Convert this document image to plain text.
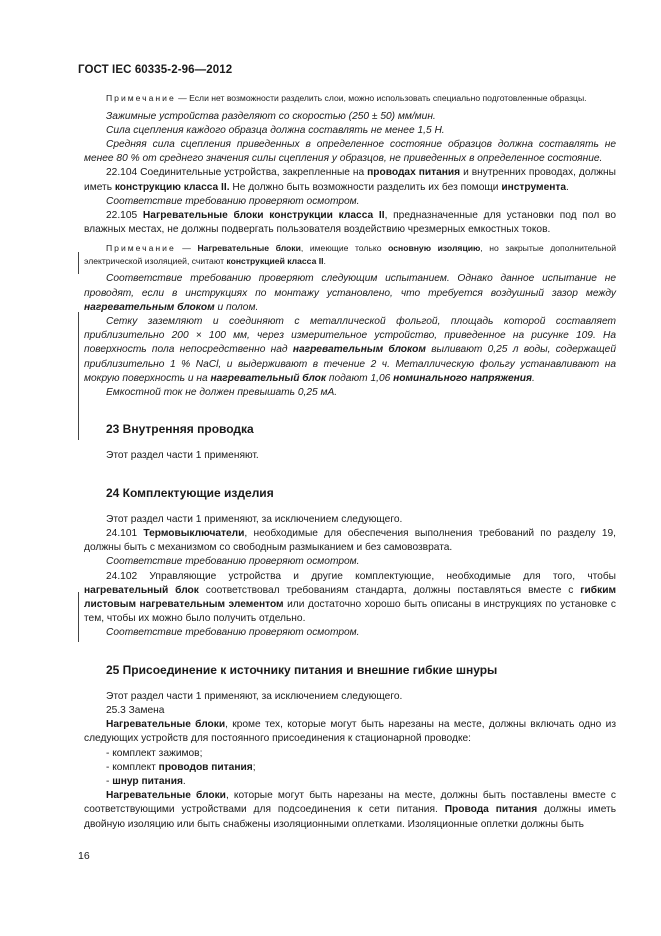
ГОСТ IEC 60335-2-96—2012

Примечание — Если нет возможности разделить слои, можно использовать специально подготовленные образцы.

Зажимные устройства разделяют со скоростью (250 ± 50) мм/мин.

Сила сцепления каждого образца должна составлять не менее 1,5 Н.

Средняя сила сцепления приведенных в определенное состояние образцов должна составлять не менее 80 % от среднего значения силы сцепления у образцов, не приведенных в определенное состояние.

22.104 Соединительные устройства, закрепленные на проводах питания и внутренних проводах, должны иметь конструкцию класса II. Не должно быть возможности разделить их без помощи инструмента.

Соответствие требованию проверяют осмотром.

22.105 Нагревательные блоки конструкции класса II, предназначенные для установки под пол во влажных местах, не должны подвергать пользователя воздействию чрезмерных емкостных токов.

Примечание — Нагревательные блоки, имеющие только основную изоляцию, но закрытые дополнительной электрической изоляцией, считают конструкцией класса II.

Соответствие требованию проверяют следующим испытанием. Однако данное испытание не проводят, если в инструкциях по монтажу установлено, что требуется воздушный зазор между нагревательным блоком и полом.

Сетку заземляют и соединяют с металлической фольгой, площадь которой составляет приблизительно 200 × 100 мм, через измерительное устройство, приведенное на рисунке 109. На поверхность пола непосредственно над нагревательным блоком выливают 0,25 л воды, содержащей приблизительно 1 % NaCl, и выдерживают в течение 2 ч. Металлическую фольгу устанавливают на мокрую поверхность и на нагревательный блок подают 1,06 номинального напряжения.

Емкостной ток не должен превышать 0,25 мА.

23 Внутренняя проводка

Этот раздел части 1 применяют.

24 Комплектующие изделия

Этот раздел части 1 применяют, за исключением следующего.

24.101 Термовыключатели, необходимые для обеспечения выполнения требований по разделу 19, должны быть с механизмом со свободным размыканием и без самовозврата.

Соответствие требованию проверяют осмотром.

24.102 Управляющие устройства и другие комплектующие, необходимые для того, чтобы нагревательный блок соответствовал требованиям стандарта, должны поставляться вместе с гибким листовым нагревательным элементом или достаточно хорошо быть описаны в инструкциях по установке с тем, чтобы их можно было получить отдельно.

Соответствие требованию проверяют осмотром.

25 Присоединение к источнику питания и внешние гибкие шнуры

Этот раздел части 1 применяют, за исключением следующего.

25.3 Замена

Нагревательные блоки, кроме тех, которые могут быть нарезаны на месте, должны включать одно из следующих устройств для постоянного присоединения к стационарной проводке:

- комплект зажимов;
- комплект проводов питания;
- шнур питания.

Нагревательные блоки, которые могут быть нарезаны на месте, должны быть поставлены вместе с соответствующими устройствами для подсоединения к сети питания. Провода питания должны иметь двойную изоляцию или быть снабжены изоляционными оплетками. Изоляционные оплетки должны быть

16
